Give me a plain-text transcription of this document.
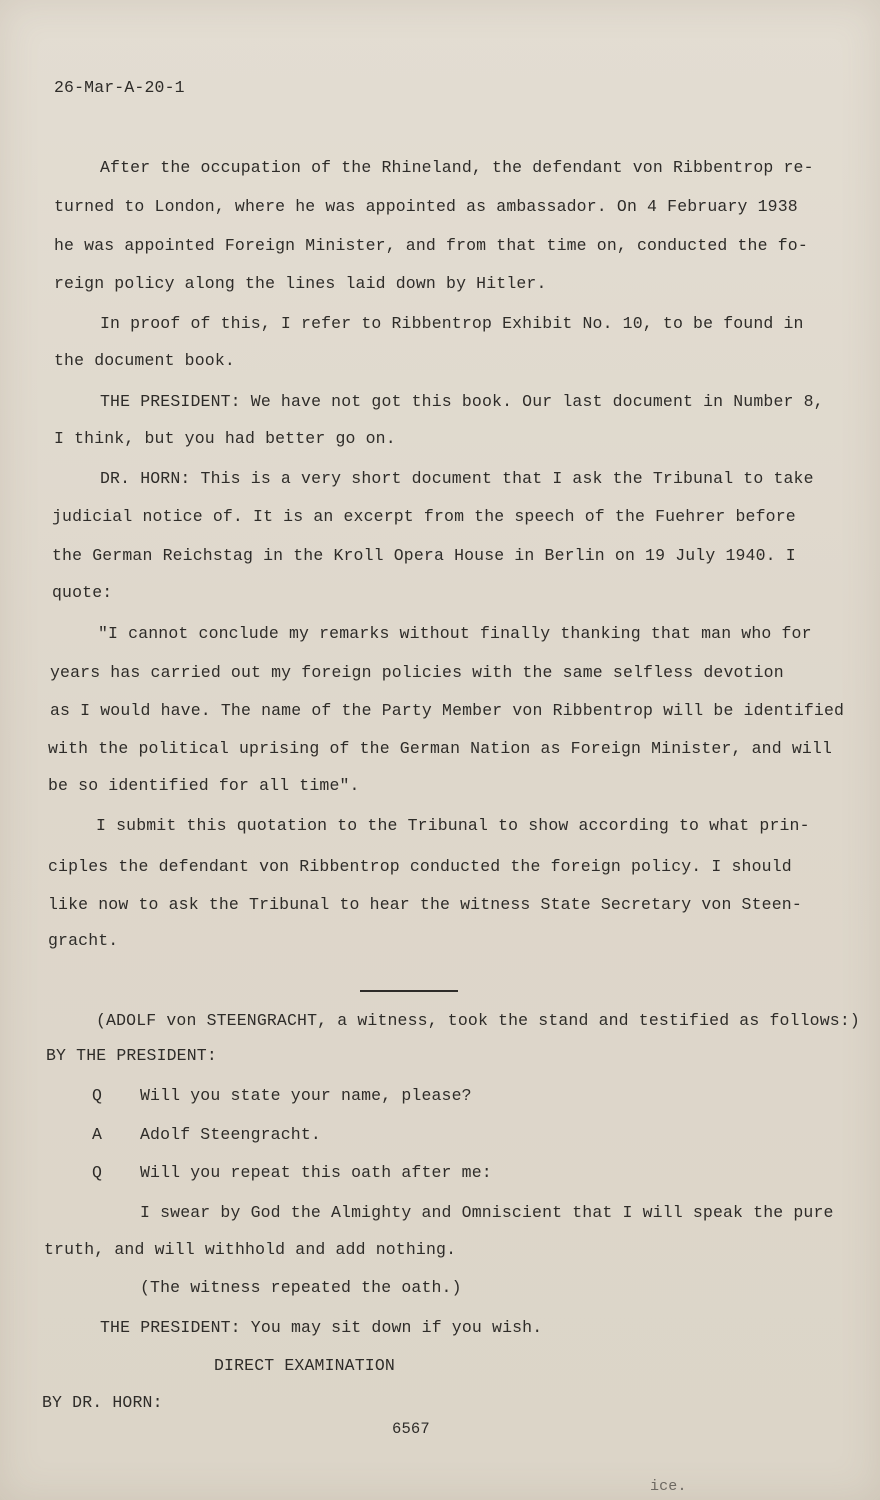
26-Mar-A-20-1
After the occupation of the Rhineland, the defendant von Ribbentrop re-
turned to London, where he was appointed as ambassador. On 4 February 1938
he was appointed Foreign Minister, and from that time on, conducted the fo-
reign policy along the lines laid down by Hitler.
In proof of this, I refer to Ribbentrop Exhibit No. 10, to be found in
the document book.
THE PRESIDENT: We have not got this book. Our last document in Number 8,
I think, but you had better go on.
DR. HORN: This is a very short document that I ask the Tribunal to take
judicial notice of. It is an excerpt from the speech of the Fuehrer before
the German Reichstag in the Kroll Opera House in Berlin on 19 July 1940. I
quote:
"I cannot conclude my remarks without finally thanking that man who for
years has carried out my foreign policies with the same selfless devotion
as I would have. The name of the Party Member von Ribbentrop will be identified
with the political uprising of the German Nation as Foreign Minister, and will
be so identified for all time".
I submit this quotation to the Tribunal to show according to what prin-
ciples the defendant von Ribbentrop conducted the foreign policy. I should
like now to ask the Tribunal to hear the witness State Secretary von Steen-
gracht.
(ADOLF von STEENGRACHT, a witness, took the stand and testified as follows:)
BY THE PRESIDENT:
Q Will you state your name, please?
A Adolf Steengracht.
Q Will you repeat this oath after me:
I swear by God the Almighty and Omniscient that I will speak the pure
truth, and will withhold and add nothing.
(The witness repeated the oath.)
THE PRESIDENT: You may sit down if you wish.
DIRECT EXAMINATION
BY DR. HORN:
6567
ice.
